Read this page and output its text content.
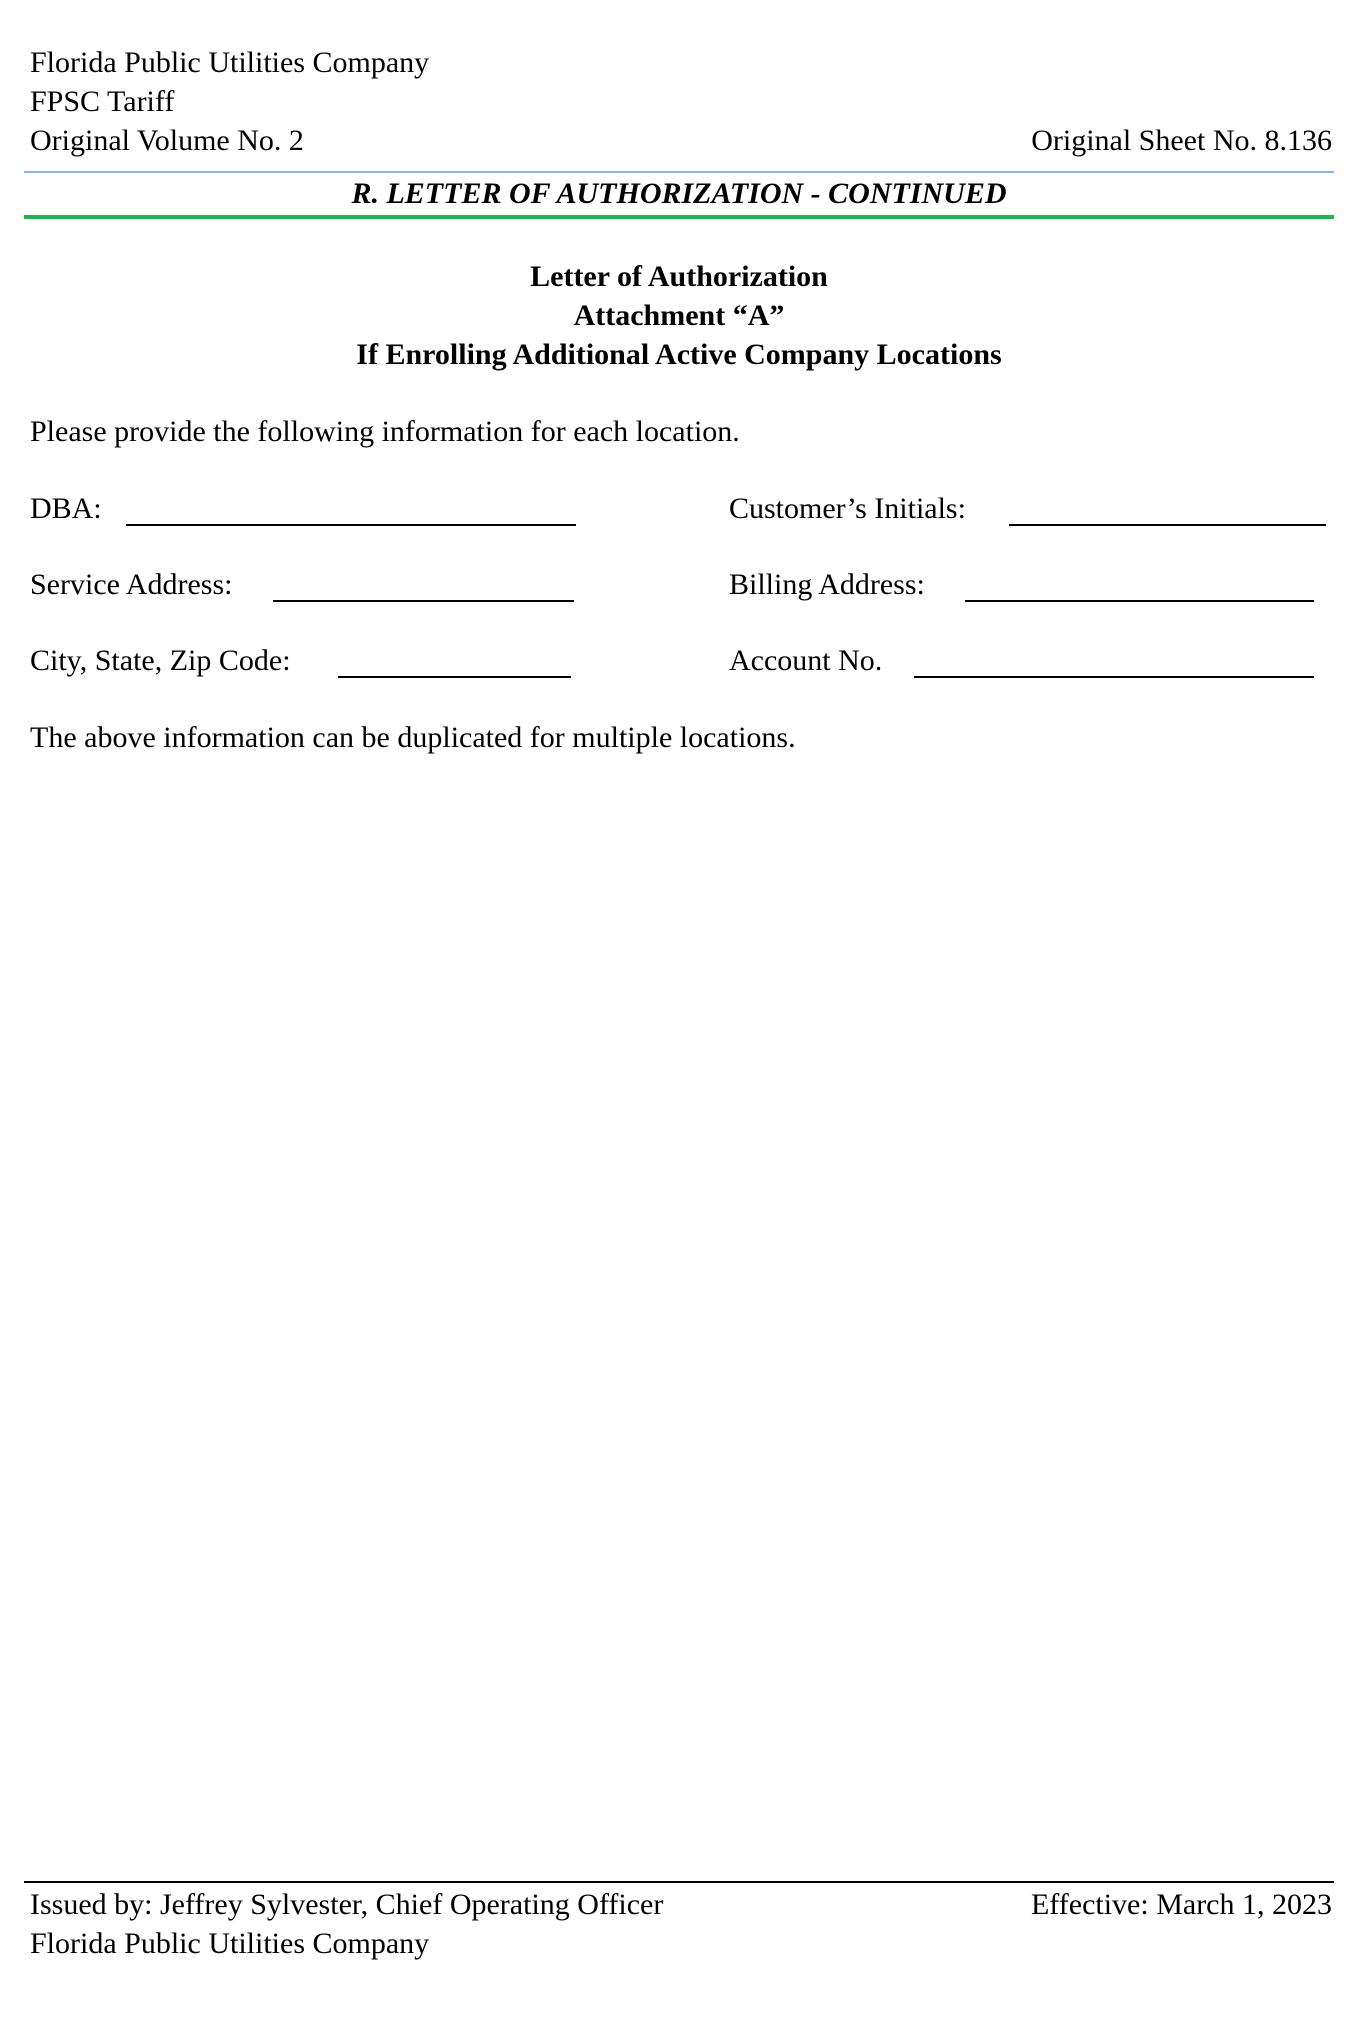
Florida Public Utilities Company
FPSC Tariff
Original Volume No. 2	Original Sheet No. 8.136
R. LETTER OF AUTHORIZATION - CONTINUED
Letter of Authorization
Attachment “A”
If Enrolling Additional Active Company Locations
Please provide the following information for each location.
DBA:	Customer’s Initials:
Service Address:	Billing Address:
City, State, Zip Code:	Account No.
The above information can be duplicated for multiple locations.
Issued by: Jeffrey Sylvester, Chief Operating Officer	Effective: March 1, 2023
Florida Public Utilities Company
